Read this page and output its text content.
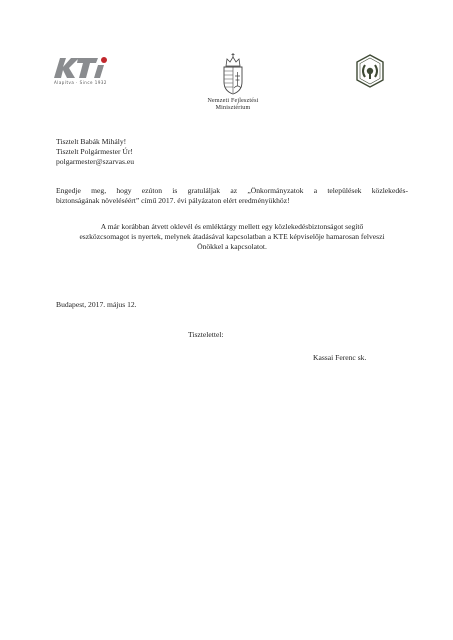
Alapítva · Since 1932
Nemzeti Fejlesztési
Minisztérium
Tisztelt Babák Mihály!
Tisztelt Polgármester Úr!
polgarmester@szarvas.eu
Engedje meg, hogy ezúton is gratuláljak az „Önkormányzatok a települések közlekedés-
biztonságának növeléséért” című 2017. évi pályázaton elért eredményükhöz!
A már korábban átvett oklevél és emléktárgy mellett egy közlekedésbiztonságot segítő
eszközcsomagot is nyertek, melynek átadásával kapcsolatban a KTE képviselője hamarosan felveszi
Önökkel a kapcsolatot.
Budapest, 2017. május 12.
Tisztelettel:
Kassai Ferenc sk.
